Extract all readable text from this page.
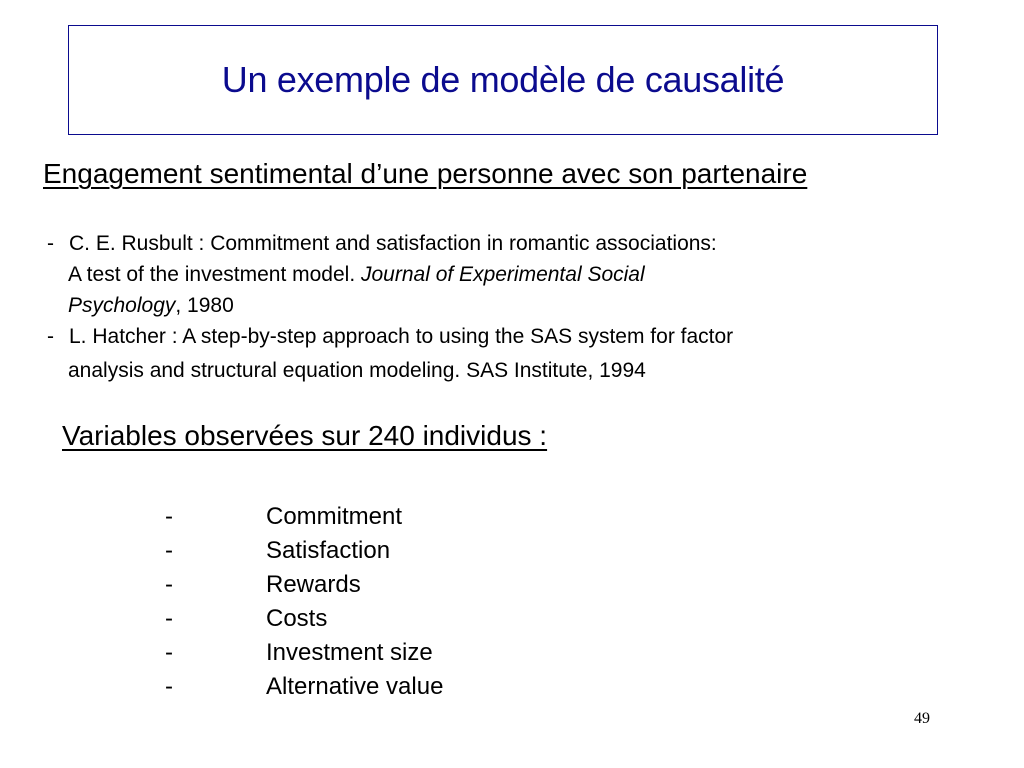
Un exemple de modèle de causalité
Engagement sentimental d’une personne avec son partenaire
- C. E. Rusbult : Commitment and satisfaction in romantic associations:
A test of the investment model. Journal of Experimental Social
Psychology, 1980
- L. Hatcher : A step-by-step approach to using the SAS system for factor
analysis and structural equation modeling. SAS Institute, 1994
Variables observées sur 240 individus :
-	Commitment
-	Satisfaction
-	Rewards
-	Costs
-	Investment size
-	Alternative value
49
